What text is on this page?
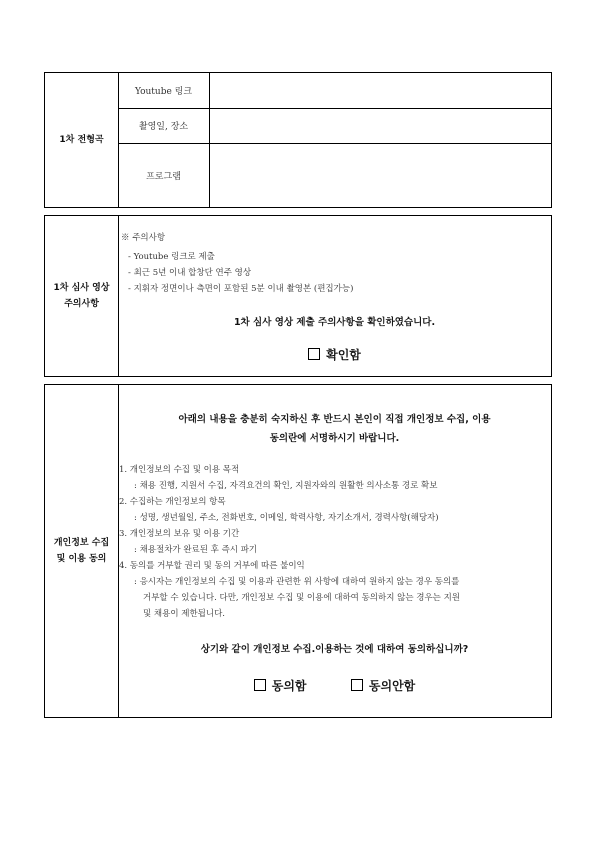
1차 전형곡
Youtube 링크
촬영일, 장소
프로그램
1차 심사 영상
주의사항
※ 주의사항
- Youtube 링크로 제출
- 최근 5년 이내 합창단 연주 영상
- 지휘자 정면이나 측면이 포함된 5분 이내 촬영본 (편집가능)
1차 심사 영상 제출 주의사항을 확인하였습니다.
확인함
개인정보 수집
및 이용 동의
아래의 내용을 충분히 숙지하신 후 반드시 본인이 직접 개인정보 수집, 이용
동의란에 서명하시기 바랍니다.
1. 개인정보의 수집 및 이용 목적
: 채용 진행, 지원서 수집, 자격요건의 확인, 지원자와의 원활한 의사소통 경로 확보
2. 수집하는 개인정보의 항목
: 성명, 생년월일, 주소, 전화번호, 이메일, 학력사항, 자기소개서, 경력사항(해당자)
3. 개인정보의 보유 및 이용 기간
: 채용절차가 완료된 후 즉시 파기
4. 동의를 거부할 권리 및 동의 거부에 따른 불이익
: 응시자는 개인정보의 수집 및 이용과 관련한 위 사항에 대하여 원하지 않는 경우 동의를
거부할 수 있습니다. 다만, 개인정보 수집 및 이용에 대하여 동의하지 않는 경우는 지원
및 채용이 제한됩니다.
상기와 같이 개인정보 수집.이용하는 것에 대하여 동의하십니까?
동의함	동의안함
